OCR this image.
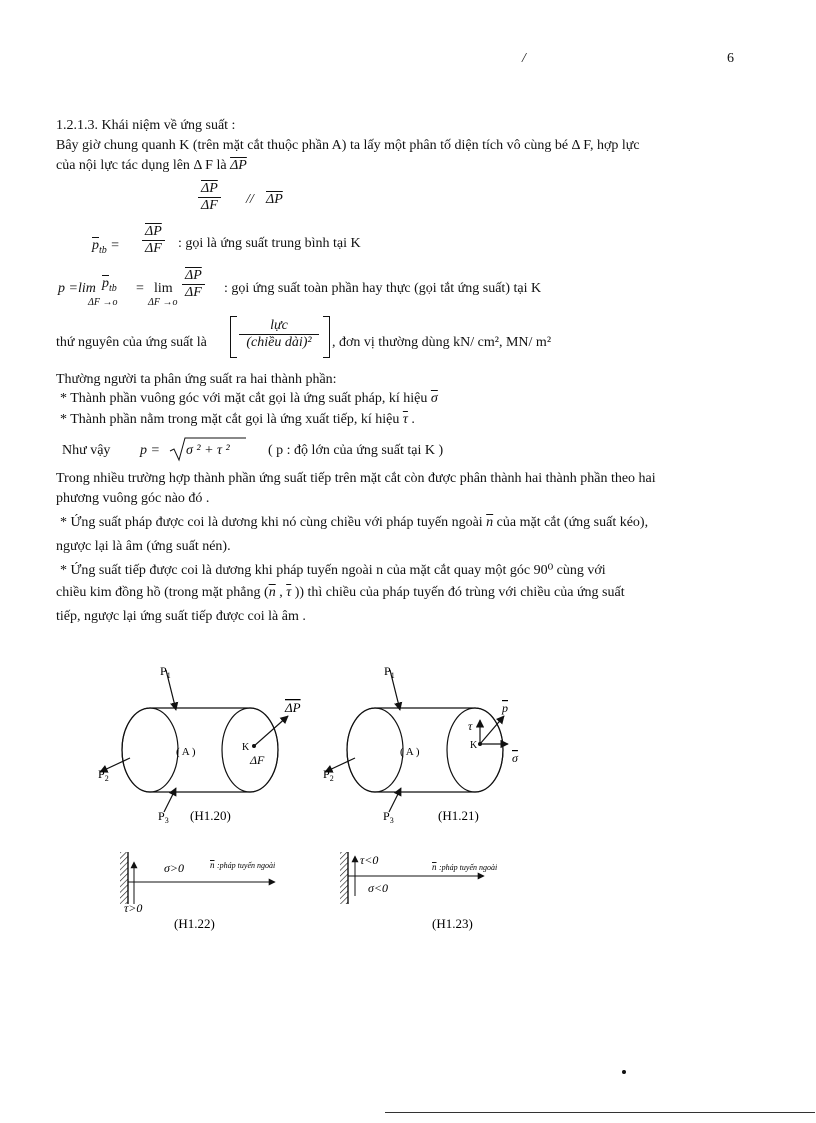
6
/
1.2.1.3. Khái niệm về ứng suất :
Bây giờ chung quanh K (trên mặt cắt thuộc phần A) ta lấy một phân tố diện tích vô cùng bé Δ F, hợp lực
của nội lực tác dụng lên Δ F là $\overline{\Delta P}$
$\frac{\overline{\Delta P}}{\Delta F} // \overline{\Delta P}$
$\overline{p}_{tb} = \frac{\overline{\Delta P}}{\Delta F}$ : gọi là ứng suất trung bình tại K
p =lim $\overline{p}_{tb}$
ΔF →o
= lim
ΔF →o
$\frac{\overline{\Delta P}}{\Delta F}$ : gọi ứng suất toàn phần hay thực (gọi tắt ứng suất) tại K
thứ nguyên của ứng suất là
lực
(chiều dài)²	, đơn vị thường dùng kN/ cm², MN/ m²
Thường người ta phân ứng suất ra hai thành phần:
* Thành phần vuông góc với mặt cắt gọi là ứng suất pháp, kí hiệu $\overline{\sigma}$
* Thành phần nằm trong mặt cắt gọi là ứng xuất tiếp, kí hiệu $\overline{\tau}$ .
Như vậy p = σ ² + τ ²	( p : độ lớn của ứng suất tại K )
Trong nhiều trường hợp thành phần ứng suất tiếp trên mặt cắt còn được phân thành hai thành phần theo hai
phương vuông góc nào đó .
* Ứng suất pháp được coi là dương khi nó cùng chiều với pháp tuyến ngoài $\overline{n}$ của mặt cắt (ứng suất kéo),
ngược lại là âm (ứng suất nén).
* Ứng suất tiếp được coi là dương khi pháp tuyến ngoài n của mặt cắt quay một góc 90⁰ cùng với
chiều kim đồng hồ (trong mặt phẳng ($\overline{n}$ , $\overline{\tau}$ )) thì chiều của pháp tuyến đó trùng với chiều của ứng suất
tiếp, ngược lại ứng suất tiếp được coi là âm .
( A )	K
ΔF
ΔP
$P_1$
$P_2$
$P_3$ (H1.20)
( A )
K
p
τ
σ
$P_1$
$P_2$
$P_3$	(H1.21)
σ>0	n :pháp tuyến ngoài
τ>0
(H1.22)
τ<0	n :pháp tuyến ngoài
σ<0
(H1.23)
